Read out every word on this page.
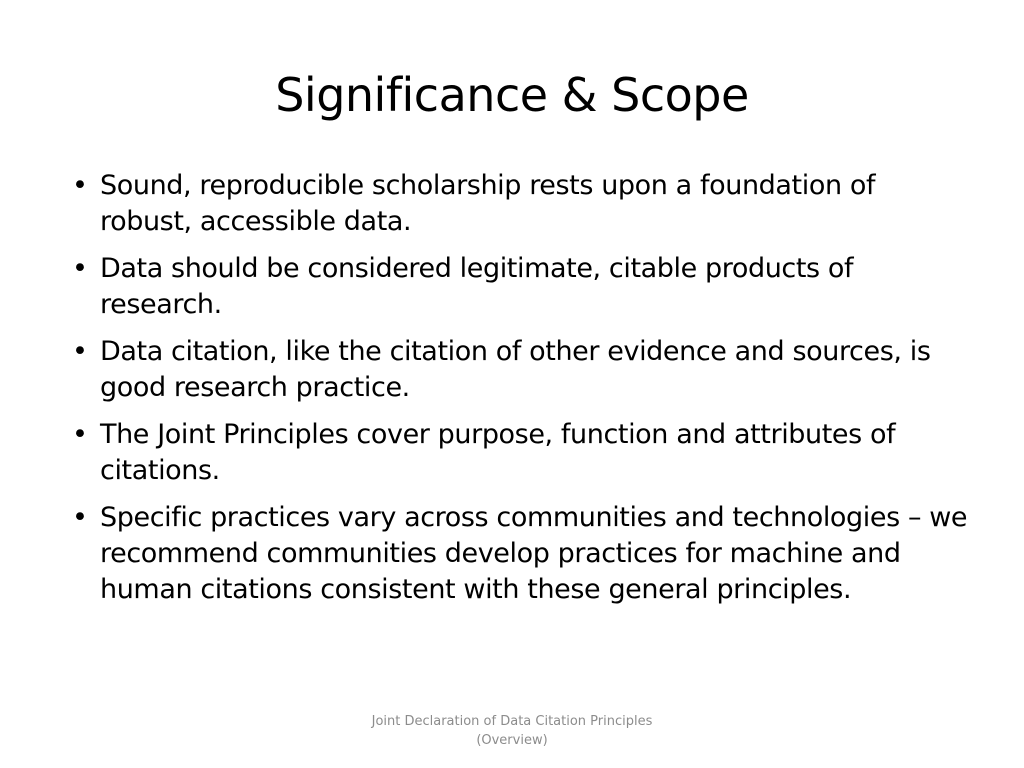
Significance & Scope
• Sound, reproducible scholarship rests upon a foundation of robust, accessible data.
• Data should be considered legitimate, citable products of research.
• Data citation, like the citation of other evidence and sources, is good research practice.
• The Joint Principles cover purpose, function and attributes of citations.
• Specific practices vary across communities and technologies – we recommend communities develop practices for machine and human citations consistent with these general principles.
Joint Declaration of Data Citation Principles
(Overview)
